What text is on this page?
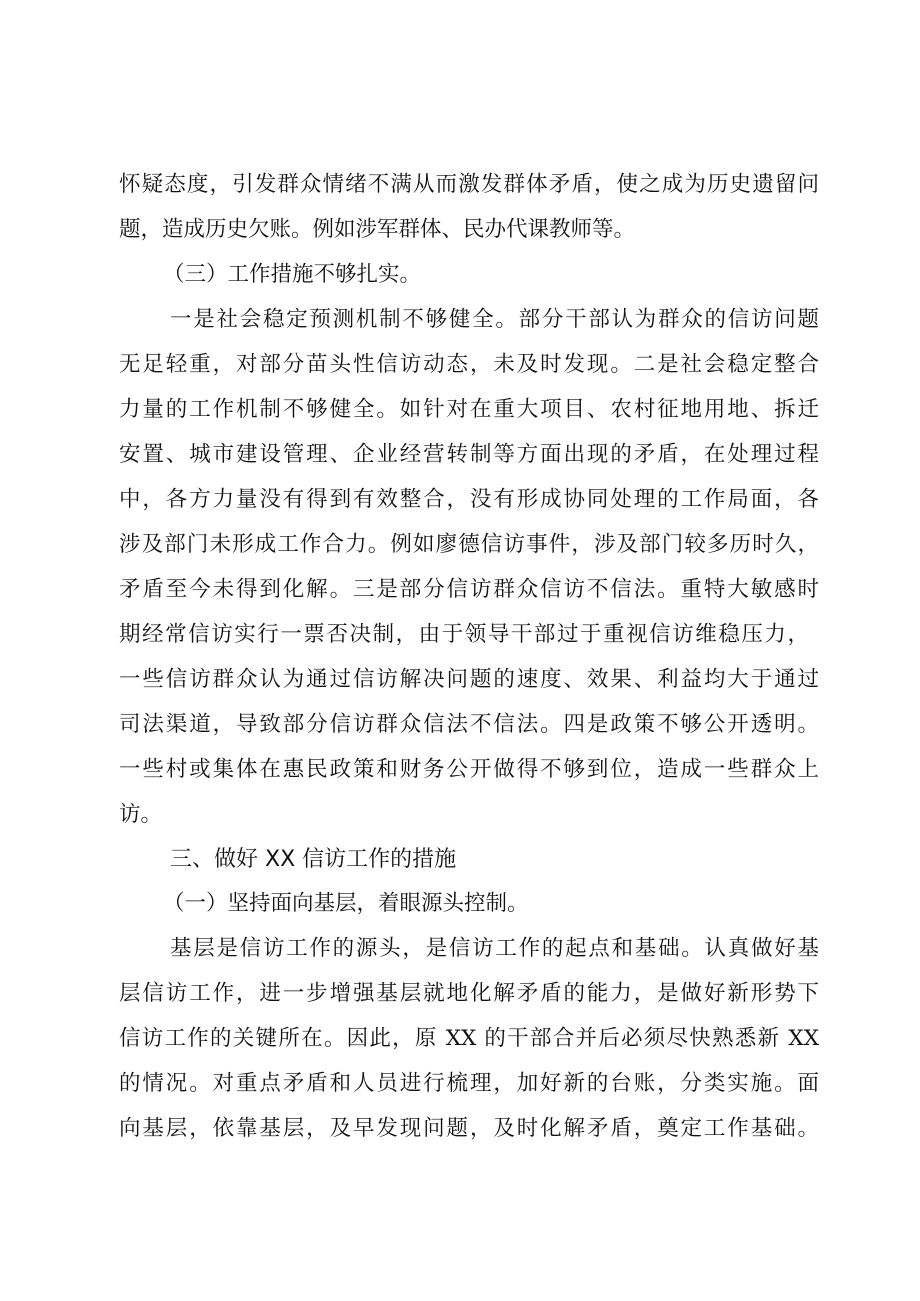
怀疑态度，引发群众情绪不满从而激发群体矛盾，使之成为历史遗留问
题，造成历史欠账。例如涉军群体、民办代课教师等。
（三）工作措施不够扎实。
一是社会稳定预测机制不够健全。部分干部认为群众的信访问题
无足轻重，对部分苗头性信访动态，未及时发现。二是社会稳定整合
力量的工作机制不够健全。如针对在重大项目、农村征地用地、拆迁
安置、城市建设管理、企业经营转制等方面出现的矛盾，在处理过程
中，各方力量没有得到有效整合，没有形成协同处理的工作局面，各
涉及部门未形成工作合力。例如廖德信访事件，涉及部门较多历时久，
矛盾至今未得到化解。三是部分信访群众信访不信法。重特大敏感时
期经常信访实行一票否决制，由于领导干部过于重视信访维稳压力，
一些信访群众认为通过信访解决问题的速度、效果、利益均大于通过
司法渠道，导致部分信访群众信法不信法。四是政策不够公开透明。
一些村或集体在惠民政策和财务公开做得不够到位，造成一些群众上
访。
三、做好 XX 信访工作的措施
（一）坚持面向基层，着眼源头控制。
基层是信访工作的源头，是信访工作的起点和基础。认真做好基
层信访工作，进一步增强基层就地化解矛盾的能力，是做好新形势下
信访工作的关键所在。因此，原 XX 的干部合并后必须尽快熟悉新 XX
的情况。对重点矛盾和人员进行梳理，加好新的台账，分类实施。面
向基层，依靠基层，及早发现问题，及时化解矛盾，奠定工作基础。
